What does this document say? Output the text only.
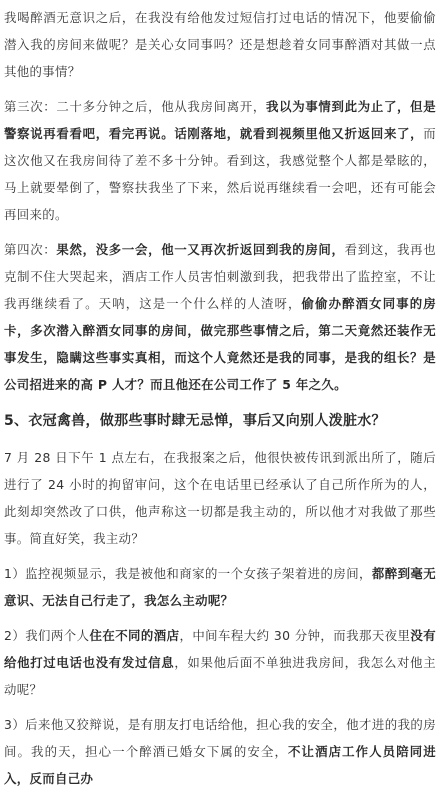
我喝醉酒无意识之后，在我没有给他发过短信打过电话的情况下，他要偷偷潜入我的房间来做呢？是关心女同事吗？还是想趁着女同事醉酒对其做一点其他的事情？

第三次：二十多分钟之后，他从我房间离开，我以为事情到此为止了，但是警察说再看看吧，看完再说。话刚落地，就看到视频里他又折返回来了，而这次他又在我房间待了差不多十分钟。看到这，我感觉整个人都是晕眩的，马上就要晕倒了，警察扶我坐了下来，然后说再继续看一会吧，还有可能会再回来的。

第四次：果然，没多一会，他一又再次折返回到我的房间，看到这，我再也克制不住大哭起来，酒店工作人员害怕刺激到我，把我带出了监控室，不让我再继续看了。天呐，这是一个什么样的人渣呀，偷偷办醉酒女同事的房卡，多次潜入醉酒女同事的房间，做完那些事情之后，第二天竟然还装作无事发生，隐瞒这些事实真相，而这个人竟然还是我的同事，是我的组长？是公司招进来的高 P 人才？而且他还在公司工作了 5 年之久。

5、衣冠禽兽，做那些事时肆无忌惮，事后又向别人泼脏水？

7 月 28 日下午 1 点左右，在我报案之后，他很快被传讯到派出所了，随后进行了 24 小时的拘留审问，这个在电话里已经承认了自己所作所为的人，此刻却突然改了口供，他声称这一切都是我主动的，所以他才对我做了那些事。简直好笑，我主动？

1）监控视频显示，我是被他和商家的一个女孩子架着进的房间，都醉到毫无意识、无法自己行走了，我怎么主动呢？

2）我们两个人住在不同的酒店，中间车程大约 30 分钟，而我那天夜里没有给他打过电话也没有发过信息，如果他后面不单独进我房间，我怎么对他主动呢？

3）后来他又狡辩说，是有朋友打电话给他，担心我的安全，他才进的我的房间。我的天，担心一个醉酒已婚女下属的安全，不让酒店工作人员陪同进入，反而自己办
